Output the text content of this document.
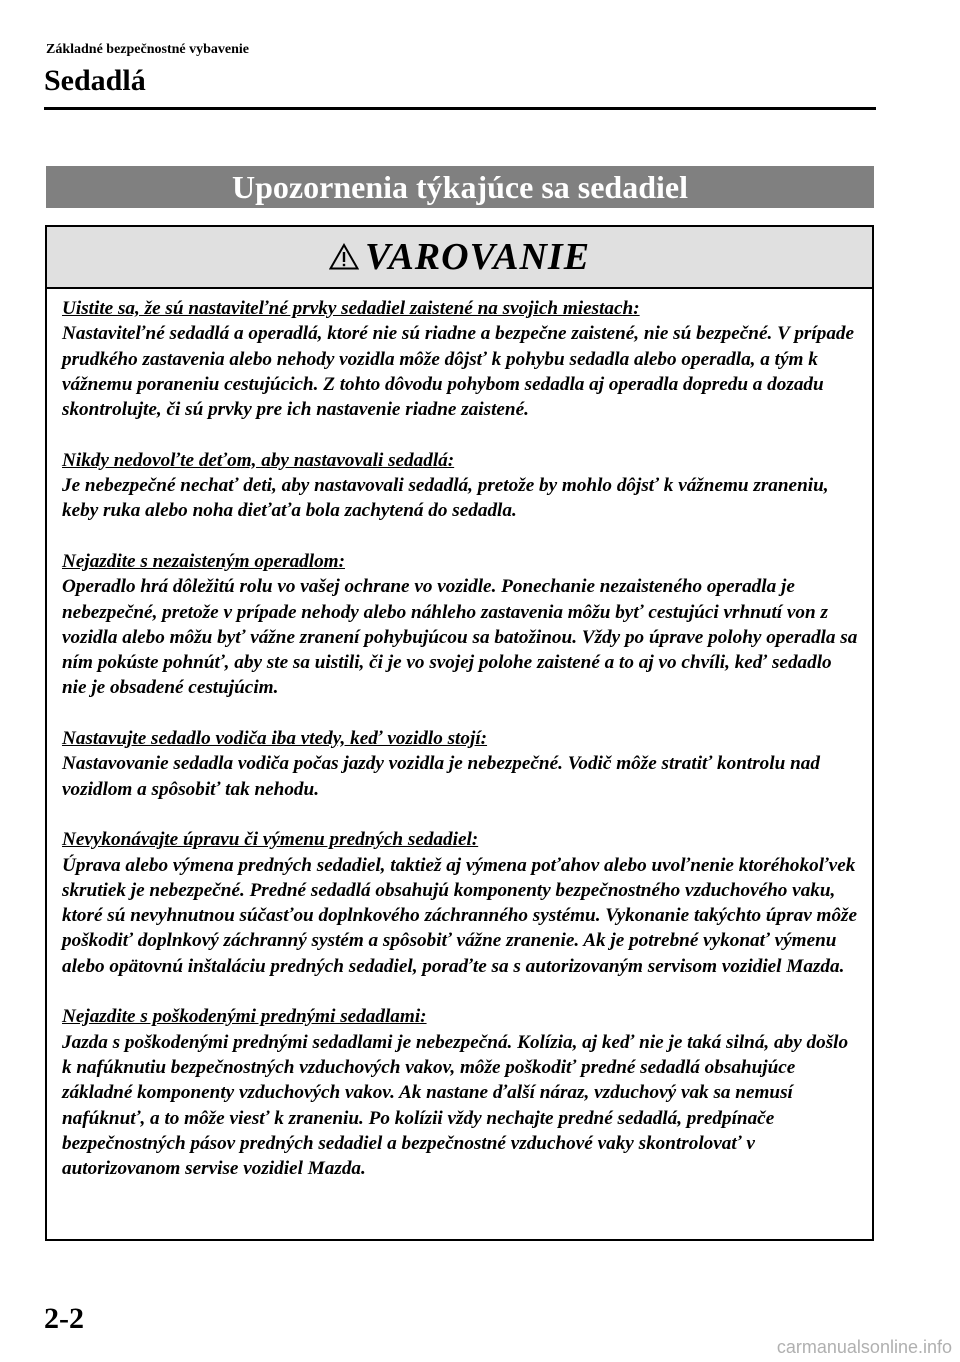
Základné bezpečnostné vybavenie
Sedadlá
Upozornenia týkajúce sa sedadiel
VAROVANIE

Uistite sa, že sú nastaviteľné prvky sedadiel zaistené na svojich miestach:
Nastaviteľné sedadlá a operadlá, ktoré nie sú riadne a bezpečne zaistené, nie sú bezpečné. V prípade prudkého zastavenia alebo nehody vozidla môže dôjsť k pohybu sedadla alebo operadla, a tým k vážnemu poraneniu cestujúcich. Z tohto dôvodu pohybom sedadla aj operadla dopredu a dozadu skontrolujte, či sú prvky pre ich nastavenie riadne zaistené.

Nikdy nedovoľte deťom, aby nastavovali sedadlá:
Je nebezpečné nechať deti, aby nastavovali sedadlá, pretože by mohlo dôjsť k vážnemu zraneniu, keby ruka alebo noha dieťaťa bola zachytená do sedadla.

Nejazdite s nezaisteným operadlom:
Operadlo hrá dôležitú rolu vo vašej ochrane vo vozidle. Ponechanie nezaisteného operadla je nebezpečné, pretože v prípade nehody alebo náhleho zastavenia môžu byť cestujúci vrhnutí von z vozidla alebo môžu byť vážne zranení pohybujúcou sa batožinou. Vždy po úprave polohy operadla sa ním pokúste pohnúť, aby ste sa uistili, či je vo svojej polohe zaistené a to aj vo chvíli, keď sedadlo nie je obsadené cestujúcim.

Nastavujte sedadlo vodiča iba vtedy, keď vozidlo stojí:
Nastavovanie sedadla vodiča počas jazdy vozidla je nebezpečné. Vodič môže stratiť kontrolu nad vozidlom a spôsobiť tak nehodu.

Nevykonávajte úpravu či výmenu predných sedadiel:
Úprava alebo výmena predných sedadiel, taktiež aj výmena poťahov alebo uvoľnenie ktoréhokoľvek skrutiek je nebezpečné. Predné sedadlá obsahujú komponenty bezpečnostného vzduchového vaku, ktoré sú nevyhnutnou súčasťou doplnkového záchranného systému. Vykonanie takýchto úprav môže poškodiť doplnkový záchranný systém a spôsobiť vážne zranenie. Ak je potrebné vykonať výmenu alebo opätovnú inštaláciu predných sedadiel, poraďte sa s autorizovaným servisom vozidiel Mazda.

Nejazdite s poškodenými prednými sedadlami:
Jazda s poškodenými prednými sedadlami je nebezpečná. Kolízia, aj keď nie je taká silná, aby došlo k nafúknutiu bezpečnostných vzduchových vakov, môže poškodiť predné sedadlá obsahujúce základné komponenty vzduchových vakov. Ak nastane ďalší náraz, vzduchový vak sa nemusí nafúknuť, a to môže viesť k zraneniu. Po kolízii vždy nechajte predné sedadlá, predpínače bezpečnostných pásov predných sedadiel a bezpečnostné vzduchové vaky skontrolovať v autorizovanom servise vozidiel Mazda.

2-2
carmanualsonline.info
